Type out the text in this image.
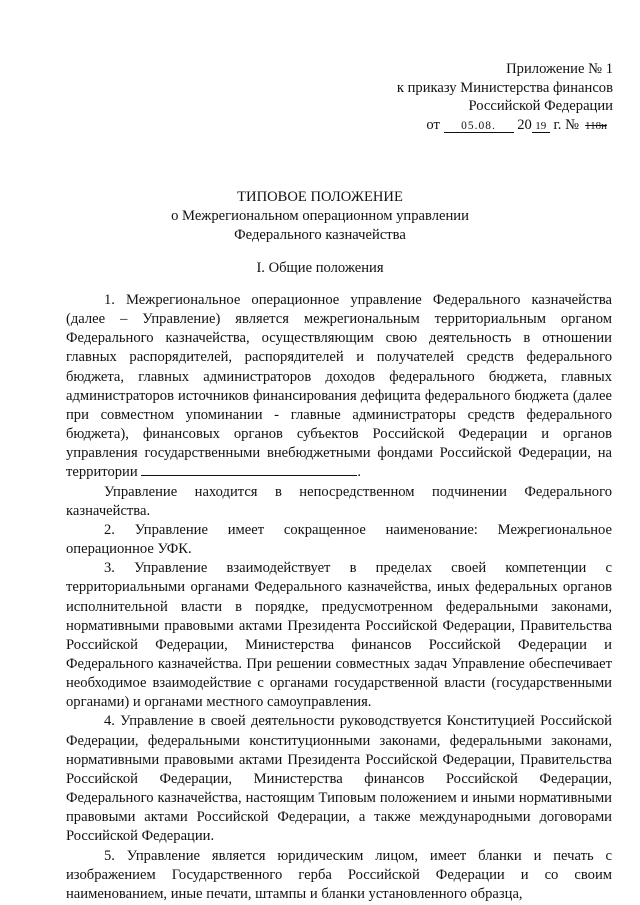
Приложение № 1
к приказу Министерства финансов
Российской Федерации
от 05.08. 20 19 г. № 118н
ТИПОВОЕ ПОЛОЖЕНИЕ
о Межрегиональном операционном управлении
Федерального казначейства
I. Общие положения

1. Межрегиональное операционное управление Федерального казначейства (далее – Управление) является межрегиональным территориальным органом Федерального казначейства, осуществляющим свою деятельность в отношении главных распорядителей, распорядителей и получателей средств федерального бюджета, главных администраторов доходов федерального бюджета, главных администраторов источников финансирования дефицита федерального бюджета (далее при совместном упоминании - главные администраторы средств федерального бюджета), финансовых органов субъектов Российской Федерации и органов управления государственными внебюджетными фондами Российской Федерации, на территории	.

Управление находится в непосредственном подчинении Федерального казначейства.

2. Управление имеет сокращенное наименование: Межрегиональное операционное УФК.

3. Управление взаимодействует в пределах своей компетенции с территориальными органами Федерального казначейства, иных федеральных органов исполнительной власти в порядке, предусмотренном федеральными законами, нормативными правовыми актами Президента Российской Федерации, Правительства Российской Федерации, Министерства финансов Российской Федерации и Федерального казначейства. При решении совместных задач Управление обеспечивает необходимое взаимодействие с органами государственной власти (государственными органами) и органами местного самоуправления.

4. Управление в своей деятельности руководствуется Конституцией Российской Федерации, федеральными конституционными законами, федеральными законами, нормативными правовыми актами Президента Российской Федерации, Правительства Российской Федерации, Министерства финансов Российской Федерации, Федерального казначейства, настоящим Типовым положением и иными нормативными правовыми актами Российской Федерации, а также международными договорами Российской Федерации.

5. Управление является юридическим лицом, имеет бланки и печать с изображением Государственного герба Российской Федерации и со своим наименованием, иные печати, штампы и бланки установленного образца,
